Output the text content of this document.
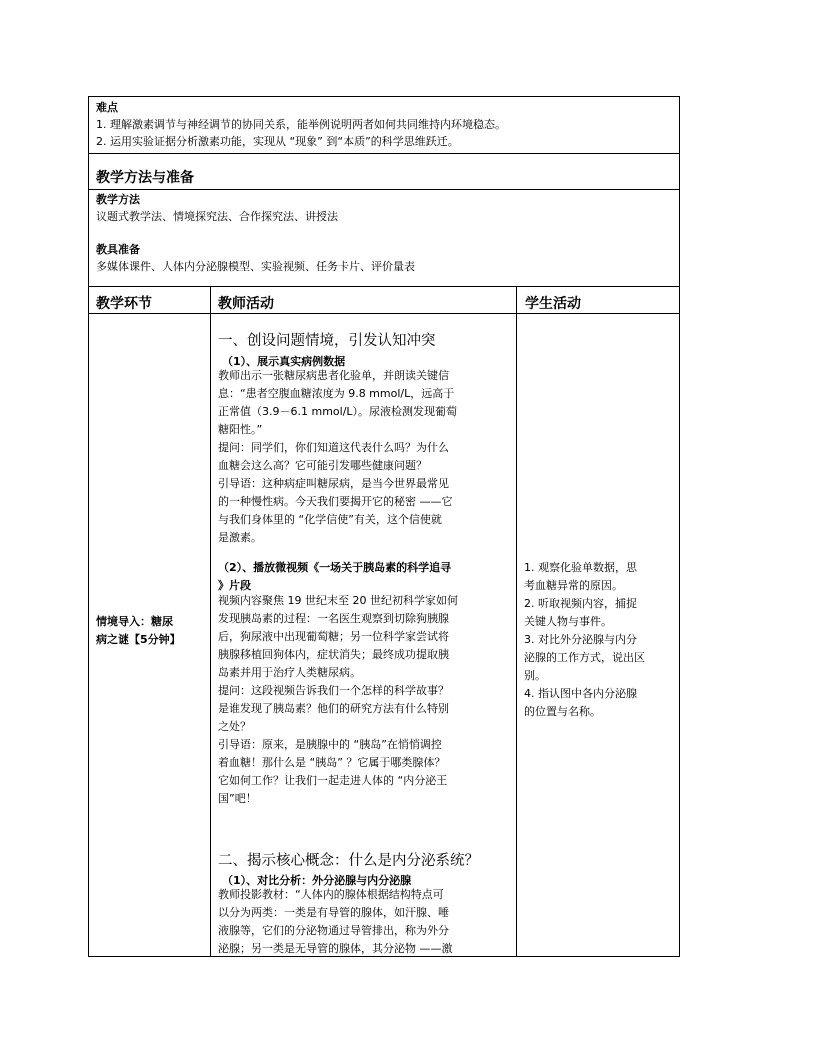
难点
1. 理解激素调节与神经调节的协同关系，能举例说明两者如何共同维持内环境稳态。
2. 运用实验证据分析激素功能，实现从 “现象” 到“本质”的科学思维跃迁。
教学方法与准备
教学方法
议题式教学法、情境探究法、合作探究法、讲授法
教具准备
多媒体课件、人体内分泌腺模型、实验视频、任务卡片、评价量表
教学环节	教师活动	学生活动
情境导入：糖尿
病之谜【5分钟】
一、创设问题情境，引发认知冲突
（1）、展示真实病例数据
教师出示一张糖尿病患者化验单，并朗读关键信
息：“患者空腹血糖浓度为 9.8 mmol/L，远高于
正常值（3.9－6.1 mmol/L）。尿液检测发现葡萄
糖阳性。”
提问：同学们，你们知道这代表什么吗？为什么
血糖会这么高？它可能引发哪些健康问题？
引导语：这种病症叫糖尿病，是当今世界最常见
的一种慢性病。今天我们要揭开它的秘密 ——它
与我们身体里的 “化学信使”有关，这个信使就
是激素。
（2）、播放微视频《一场关于胰岛素的科学追寻
》片段
视频内容聚焦 19 世纪末至 20 世纪初科学家如何
发现胰岛素的过程：一名医生观察到切除狗胰腺
后，狗尿液中出现葡萄糖；另一位科学家尝试将
胰腺移植回狗体内，症状消失；最终成功提取胰
岛素并用于治疗人类糖尿病。
提问：这段视频告诉我们一个怎样的科学故事？
是谁发现了胰岛素？他们的研究方法有什么特别
之处？
引导语：原来，是胰腺中的 “胰岛”在悄悄调控
着血糖！那什么是 “胰岛” ？它属于哪类腺体？
它如何工作？让我们一起走进人体的 “内分泌王
国”吧！
二、揭示核心概念：什么是内分泌系统？
（1）、对比分析：外分泌腺与内分泌腺
教师投影教材：“人体内的腺体根据结构特点可
以分为两类：一类是有导管的腺体，如汗腺、唾
液腺等，它们的分泌物通过导管排出，称为外分
泌腺；另一类是无导管的腺体，其分泌物 ——激
1. 观察化验单数据，思
考血糖异常的原因。
2. 听取视频内容，捕捉
关键人物与事件。
3. 对比外分泌腺与内分
泌腺的工作方式，说出区
别。
4. 指认图中各内分泌腺
的位置与名称。
